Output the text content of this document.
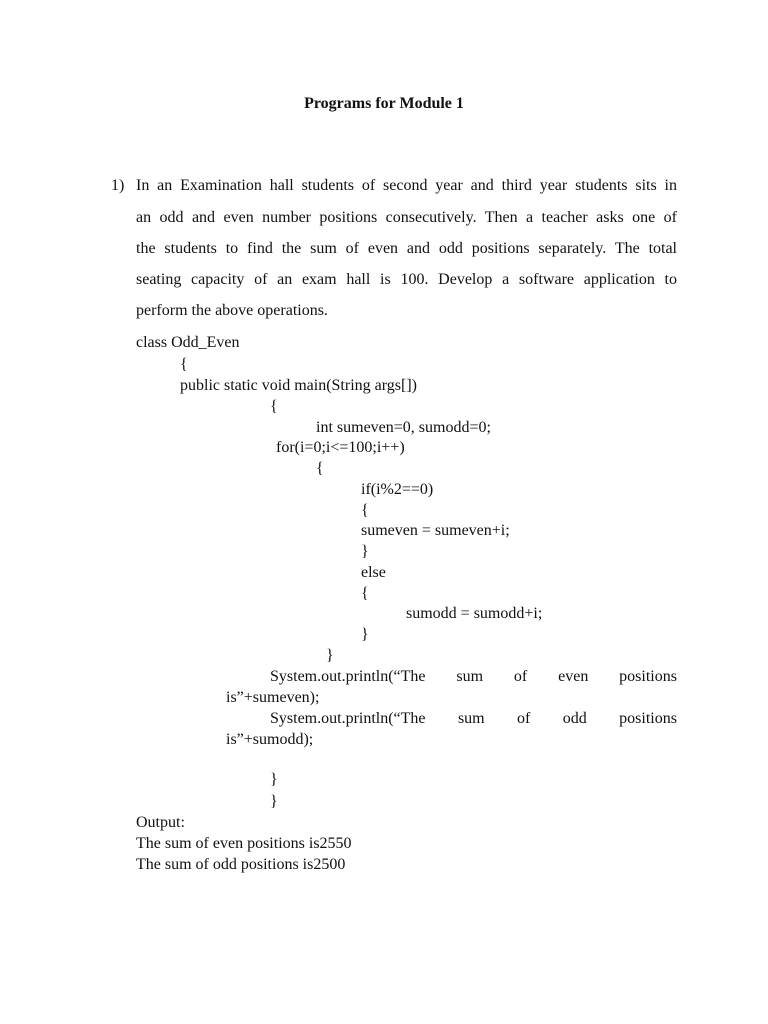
Programs for Module 1
1) In an Examination hall students of second year and third year students sits in
an odd and even number positions consecutively. Then a teacher asks one of
the students to find the sum of even and odd positions separately. The total
seating capacity of an exam hall is 100. Develop a software application to
perform the above operations.
class Odd_Even
{
public static void main(String args[])
{
int sumeven=0, sumodd=0;
for(i=0;i<=100;i++)
{
if(i%2==0)
{
sumeven = sumeven+i;
}
else
{
sumodd = sumodd+i;
}
}
System.out.println(“The sum of even positions
is”+sumeven);
System.out.println(“The sum of odd positions
is”+sumodd);
}
}
Output:
The sum of even positions is2550
The sum of odd positions is2500
